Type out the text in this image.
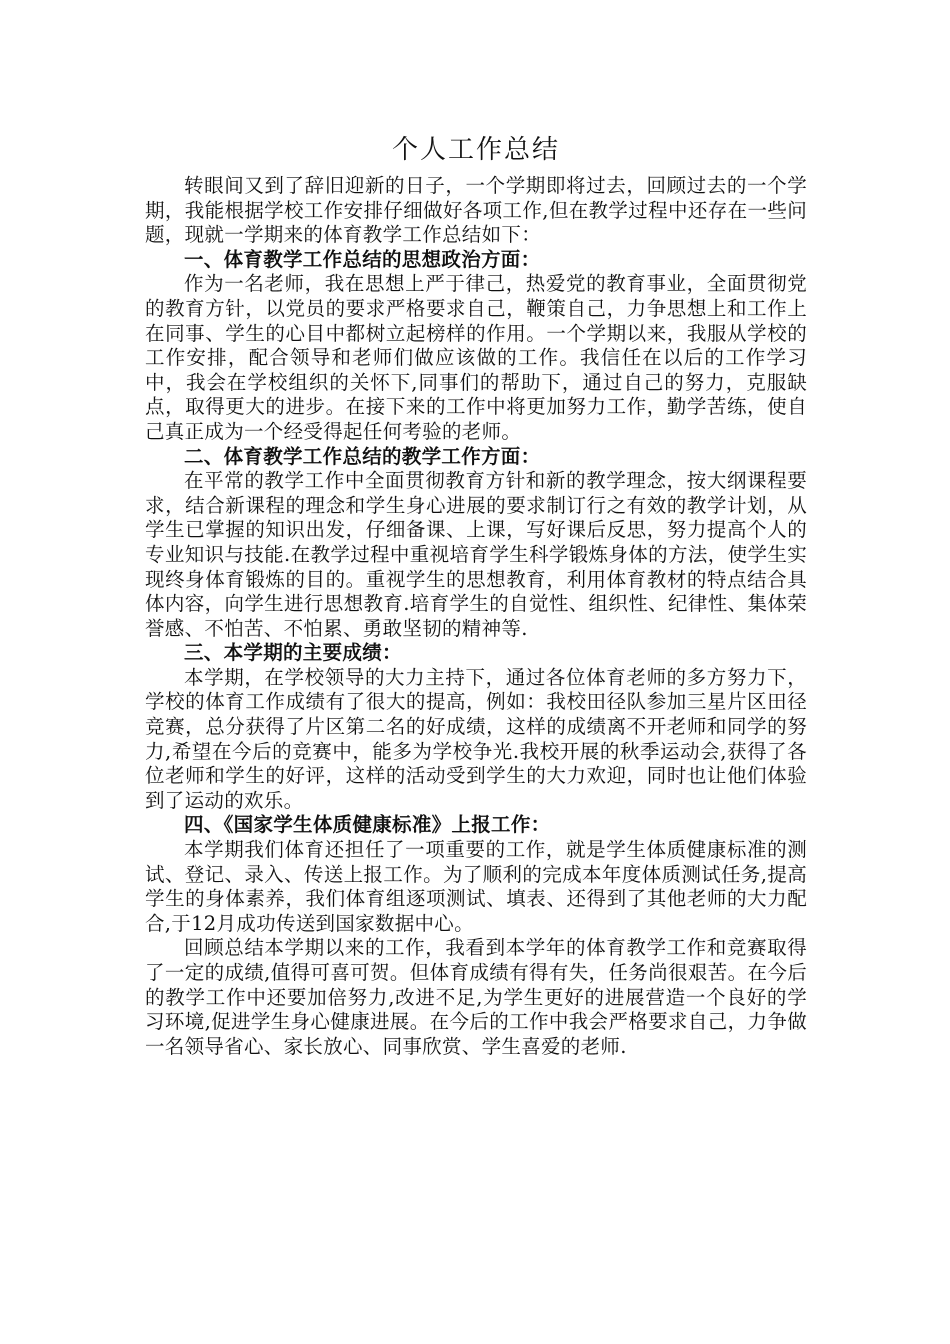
个人工作总结

转眼间又到了辞旧迎新的日子，一个学期即将过去，回顾过去的一个学期，我能根据学校工作安排仔细做好各项工作,但在教学过程中还存在一些问题，现就一学期来的体育教学工作总结如下：

一、体育教学工作总结的思想政治方面：

作为一名老师，我在思想上严于律己，热爱党的教育事业，全面贯彻党的教育方针，以党员的要求严格要求自己，鞭策自己，力争思想上和工作上在同事、学生的心目中都树立起榜样的作用。一个学期以来，我服从学校的工作安排，配合领导和老师们做应该做的工作。我信任在以后的工作学习中，我会在学校组织的关怀下,同事们的帮助下，通过自己的努力，克服缺点，取得更大的进步。在接下来的工作中将更加努力工作，勤学苦练，使自己真正成为一个经受得起任何考验的老师。

二、体育教学工作总结的教学工作方面：

在平常的教学工作中全面贯彻教育方针和新的教学理念，按大纲课程要求，结合新课程的理念和学生身心进展的要求制订行之有效的教学计划，从学生已掌握的知识出发，仔细备课、上课，写好课后反思，努力提高个人的专业知识与技能.在教学过程中重视培育学生科学锻炼身体的方法，使学生实现终身体育锻炼的目的。重视学生的思想教育，利用体育教材的特点结合具体内容，向学生进行思想教育.培育学生的自觉性、组织性、纪律性、集体荣誉感、不怕苦、不怕累、勇敢坚韧的精神等.

三、本学期的主要成绩：

本学期，在学校领导的大力主持下，通过各位体育老师的多方努力下，学校的体育工作成绩有了很大的提高，例如：我校田径队参加三星片区田径竞赛，总分获得了片区第二名的好成绩，这样的成绩离不开老师和同学的努力,希望在今后的竞赛中，能多为学校争光.我校开展的秋季运动会,获得了各位老师和学生的好评，这样的活动受到学生的大力欢迎，同时也让他们体验到了运动的欢乐。

四、《国家学生体质健康标准》上报工作：

本学期我们体育还担任了一项重要的工作，就是学生体质健康标准的测试、登记、录入、传送上报工作。为了顺利的完成本年度体质测试任务,提高学生的身体素养，我们体育组逐项测试、填表、还得到了其他老师的大力配合,于12月成功传送到国家数据中心。

回顾总结本学期以来的工作，我看到本学年的体育教学工作和竞赛取得了一定的成绩,值得可喜可贺。但体育成绩有得有失，任务尚很艰苦。在今后的教学工作中还要加倍努力,改进不足,为学生更好的进展营造一个良好的学习环境,促进学生身心健康进展。在今后的工作中我会严格要求自己，力争做一名领导省心、家长放心、同事欣赏、学生喜爱的老师.
